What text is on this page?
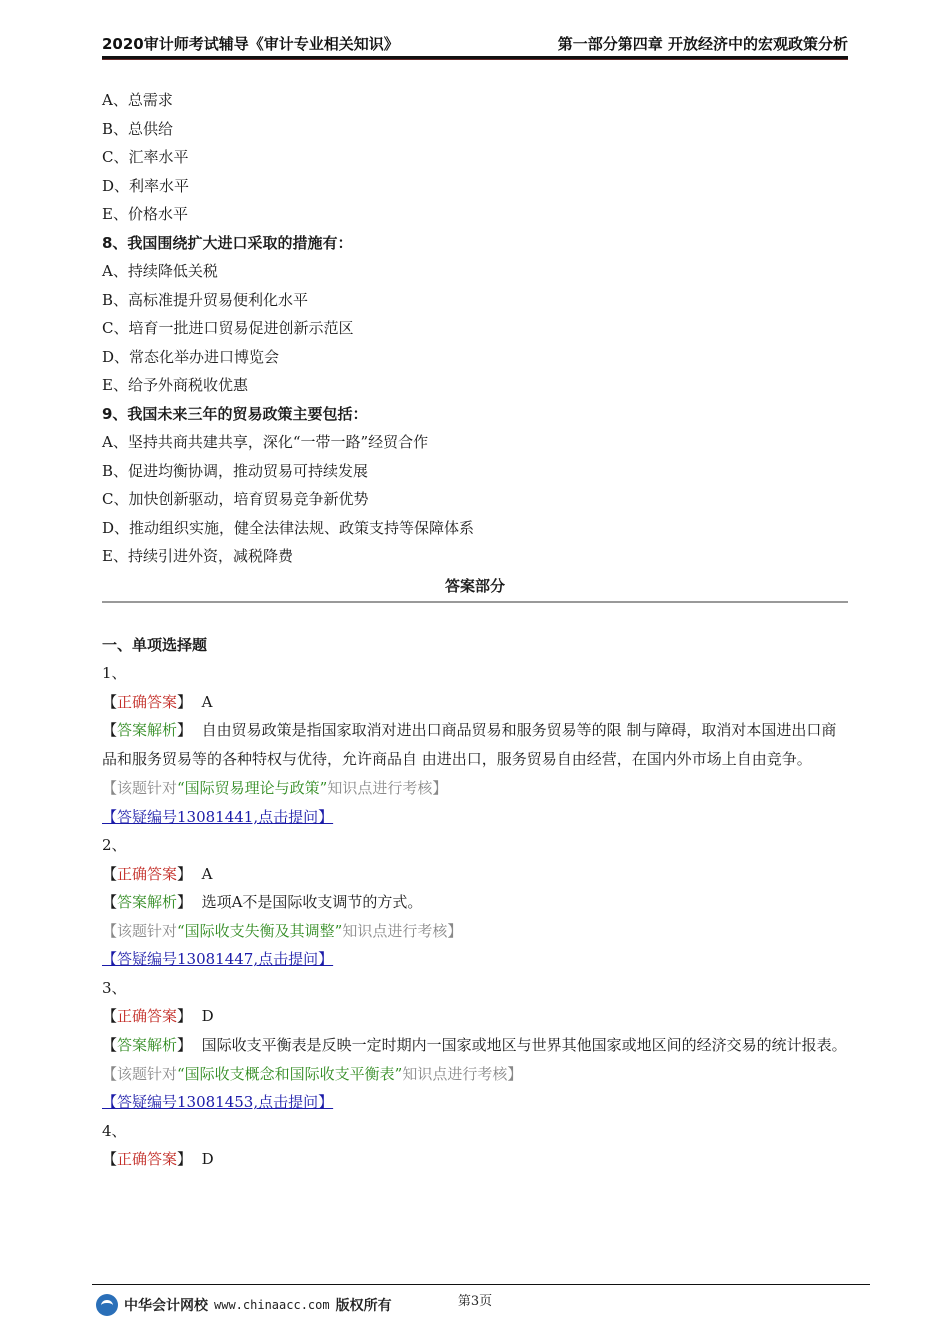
2020审计师考试辅导《审计专业相关知识》	第一部分第四章 开放经济中的宏观政策分析
A、总需求
B、总供给
C、汇率水平
D、利率水平
E、价格水平
8、我国围绕扩大进口采取的措施有：
A、持续降低关税
B、高标准提升贸易便利化水平
C、培育一批进口贸易促进创新示范区
D、常态化举办进口博览会
E、给予外商税收优惠
9、我国未来三年的贸易政策主要包括：
A、坚持共商共建共享，深化“一带一路”经贸合作
B、促进均衡协调，推动贸易可持续发展
C、加快创新驱动，培育贸易竞争新优势
D、推动组织实施，健全法律法规、政策支持等保障体系
E、持续引进外资，减税降费
答案部分
一、单项选择题
1、
【正确答案】 A
【答案解析】 自由贸易政策是指国家取消对进出口商品贸易和服务贸易等的限 制与障碍，取消对本国进出口商品和服务贸易等的各种特权与优待，允许商品自 由进出口，服务贸易自由经营，在国内外市场上自由竞争。
【该题针对“国际贸易理论与政策”知识点进行考核】
【答疑编号13081441,点击提问】
2、
【正确答案】 A
【答案解析】 选项A不是国际收支调节的方式。
【该题针对“国际收支失衡及其调整”知识点进行考核】
【答疑编号13081447,点击提问】
3、
【正确答案】 D
【答案解析】 国际收支平衡表是反映一定时期内一国家或地区与世界其他国家或地区间的经济交易的统计报表。
【该题针对“国际收支概念和国际收支平衡表”知识点进行考核】
【答疑编号13081453,点击提问】
4、
【正确答案】 D
第3页
中华会计网校 www.chinaacc.com 版权所有
